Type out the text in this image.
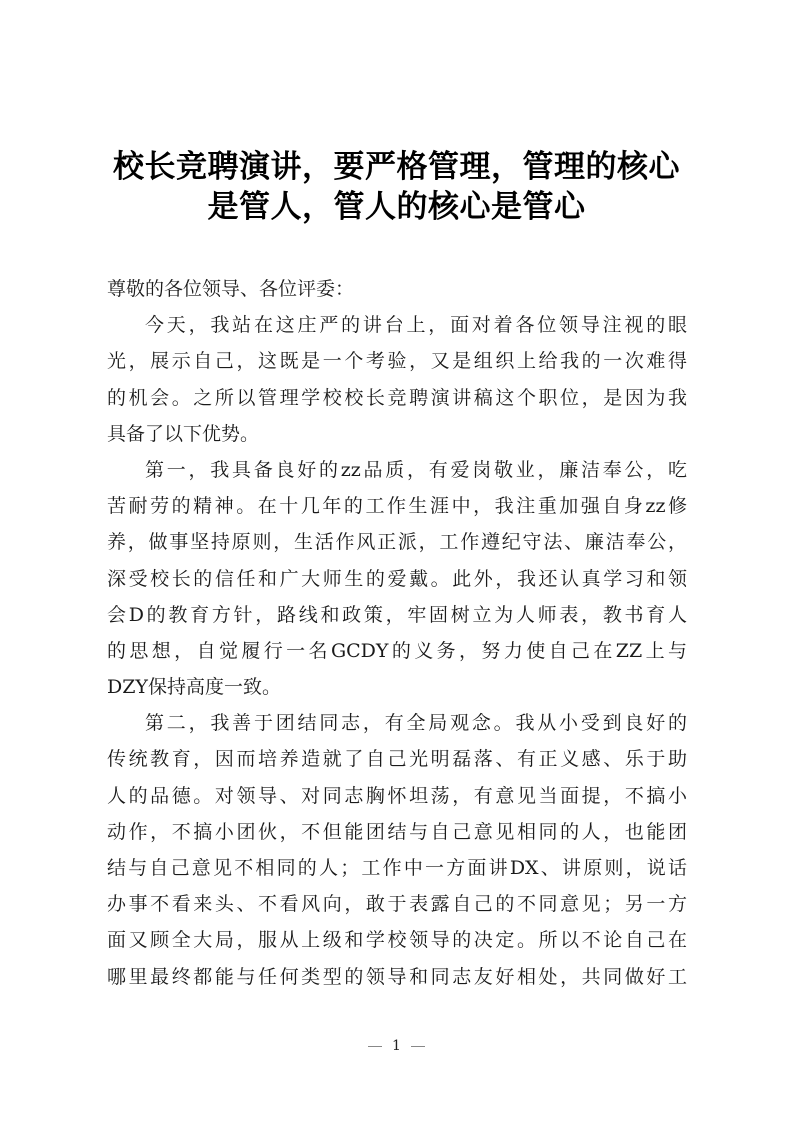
校长竞聘演讲，要严格管理，管理的核心
是管人，管人的核心是管心
尊敬的各位领导、各位评委：
今天，我站在这庄严的讲台上，面对着各位领导注视的眼
光，展示自己，这既是一个考验，又是组织上给我的一次难得
的机会。之所以管理学校校长竞聘演讲稿这个职位，是因为我
具备了以下优势。
第一，我具备良好的zz品质，有爱岗敬业，廉洁奉公，吃
苦耐劳的精神。在十几年的工作生涯中，我注重加强自身zz修
养，做事坚持原则，生活作风正派，工作遵纪守法、廉洁奉公，
深受校长的信任和广大师生的爱戴。此外，我还认真学习和领
会D的教育方针，路线和政策，牢固树立为人师表，教书育人
的思想，自觉履行一名GCDY的义务，努力使自己在ZZ上与
DZY保持高度一致。
第二，我善于团结同志，有全局观念。我从小受到良好的
传统教育，因而培养造就了自己光明磊落、有正义感、乐于助
人的品德。对领导、对同志胸怀坦荡，有意见当面提，不搞小
动作，不搞小团伙，不但能团结与自己意见相同的人，也能团
结与自己意见不相同的人；工作中一方面讲DX、讲原则，说话
办事不看来头、不看风向，敢于表露自己的不同意见；另一方
面又顾全大局，服从上级和学校领导的决定。所以不论自己在
哪里最终都能与任何类型的领导和同志友好相处，共同做好工
1
